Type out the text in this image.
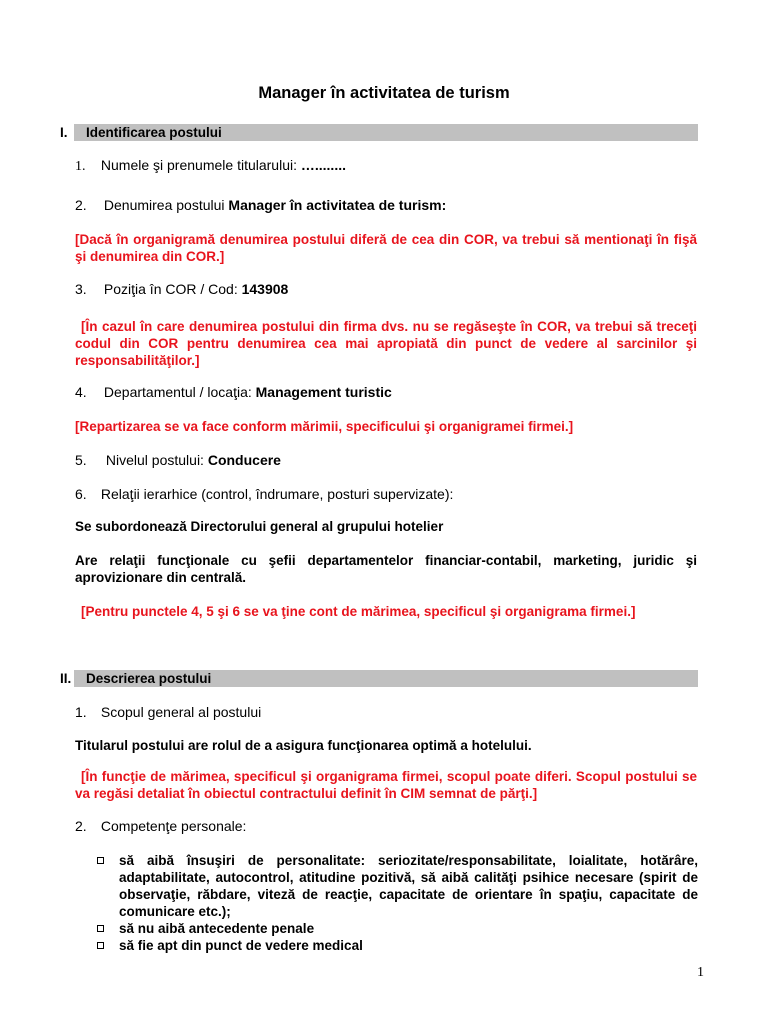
Manager în activitatea de turism
I.	Identificarea postului
1. Numele şi prenumele titularului: …........
2. Denumirea postului Manager în activitatea de turism:
[Dacă în organigramă denumirea postului diferă de cea din COR, va trebui să mentionaţi în fişă şi denumirea din COR.]
3. Poziţia în COR / Cod: 143908
[În cazul în care denumirea postului din firma dvs. nu se regăseşte în COR, va trebui să treceţi codul din COR pentru denumirea cea mai apropiată din punct de vedere al sarcinilor şi responsabilităţilor.]
4. Departamentul / locaţia: Management turistic
[Repartizarea se va face conform mărimii, specificului şi organigramei firmei.]
5. Nivelul postului: Conducere
6. Relaţii ierarhice (control, îndrumare, posturi supervizate):
Se subordonează Directorului general al grupului hotelier
Are relaţii funcţionale cu şefii departamentelor financiar-contabil, marketing, juridic şi aprovizionare din centrală.
[Pentru punctele 4, 5 şi 6 se va ţine cont de mărimea, specificul şi organigrama firmei.]
II.	Descrierea postului
1. Scopul general al postului
Titularul postului are rolul de a asigura funcţionarea optimă a hotelului.
[În funcţie de mărimea, specificul şi organigrama firmei, scopul poate diferi. Scopul postului se va regăsi detaliat în obiectul contractului definit în CIM semnat de părţi.]
2. Competenţe personale:
să aibă însuşiri de personalitate: seriozitate/responsabilitate, loialitate, hotărâre, adaptabilitate, autocontrol, atitudine pozitivă, să aibă calităţi psihice necesare (spirit de observaţie, răbdare, viteză de reacţie, capacitate de orientare în spaţiu, capacitate de comunicare etc.);
să nu aibă antecedente penale
să fie apt din punct de vedere medical
1
